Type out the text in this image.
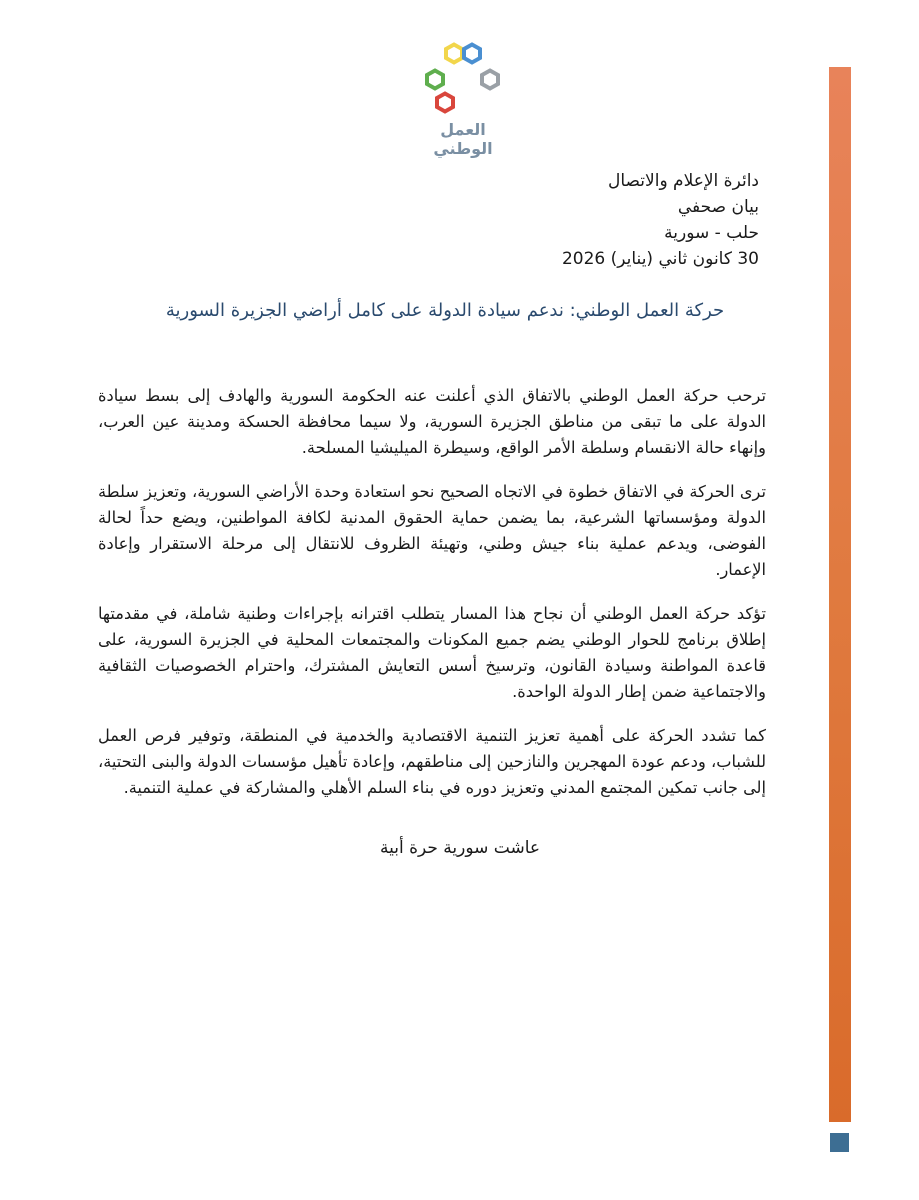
العمل الوطني
دائرة الإعلام والاتصال
بيان صحفي
حلب - سورية
30 كانون ثاني (يناير) 2026
حركة العمل الوطني: ندعم سيادة الدولة على كامل أراضي الجزيرة السورية

ترحب حركة العمل الوطني بالاتفاق الذي أعلنت عنه الحكومة السورية والهادف إلى بسط سيادة الدولة على ما تبقى من مناطق الجزيرة السورية، ولا سيما محافظة الحسكة ومدينة عين العرب، وإنهاء حالة الانقسام وسلطة الأمر الواقع، وسيطرة الميليشيا المسلحة.

ترى الحركة في الاتفاق خطوة في الاتجاه الصحيح نحو استعادة وحدة الأراضي السورية، وتعزيز سلطة الدولة ومؤسساتها الشرعية، بما يضمن حماية الحقوق المدنية لكافة المواطنين، ويضع حداً لحالة الفوضى، ويدعم عملية بناء جيش وطني، وتهيئة الظروف للانتقال إلى مرحلة الاستقرار وإعادة الإعمار.

تؤكد حركة العمل الوطني أن نجاح هذا المسار يتطلب اقترانه بإجراءات وطنية شاملة، في مقدمتها إطلاق برنامج للحوار الوطني يضم جميع المكونات والمجتمعات المحلية في الجزيرة السورية، على قاعدة المواطنة وسيادة القانون، وترسيخ أسس التعايش المشترك، واحترام الخصوصيات الثقافية والاجتماعية ضمن إطار الدولة الواحدة.

كما تشدد الحركة على أهمية تعزيز التنمية الاقتصادية والخدمية في المنطقة، وتوفير فرص العمل للشباب، ودعم عودة المهجرين والنازحين إلى مناطقهم، وإعادة تأهيل مؤسسات الدولة والبنى التحتية، إلى جانب تمكين المجتمع المدني وتعزيز دوره في بناء السلم الأهلي والمشاركة في عملية التنمية.

عاشت سورية حرة أبية
